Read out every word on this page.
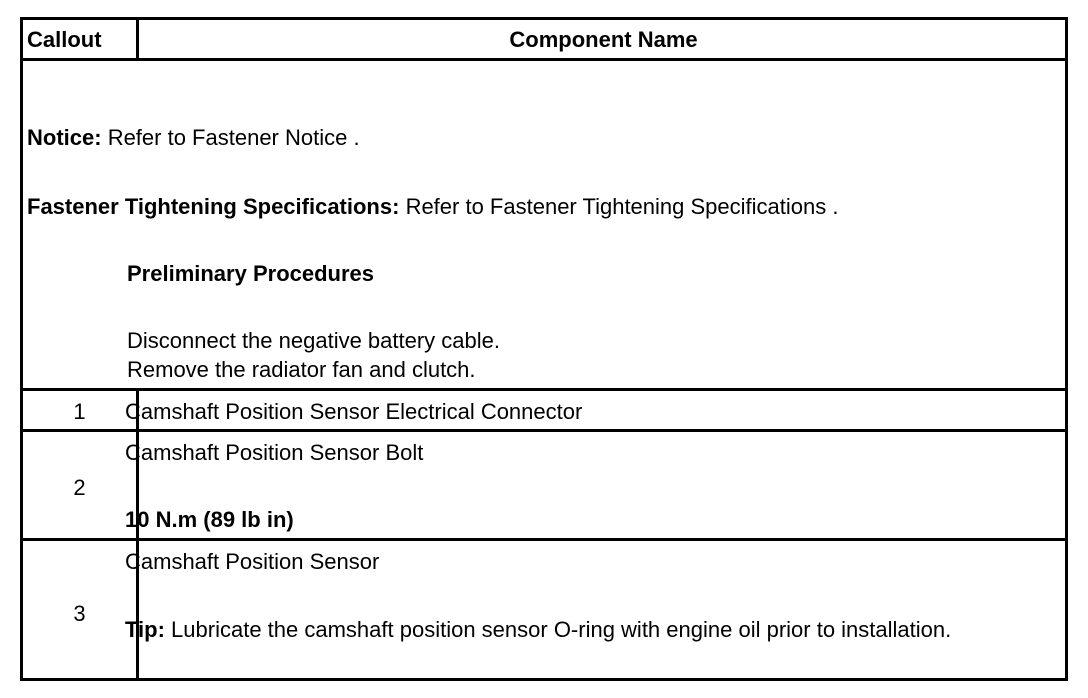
Callout	Component Name
Notice: Refer to Fastener Notice .
Fastener Tightening Specifications: Refer to Fastener Tightening Specifications .
Preliminary Procedures
Disconnect the negative battery cable.
Remove the radiator fan and clutch.
1	Camshaft Position Sensor Electrical Connector
2
Camshaft Position Sensor Bolt
10 N.m (89 lb in)
3
Camshaft Position Sensor
Tip: Lubricate the camshaft position sensor O-ring with engine oil prior to installation.
